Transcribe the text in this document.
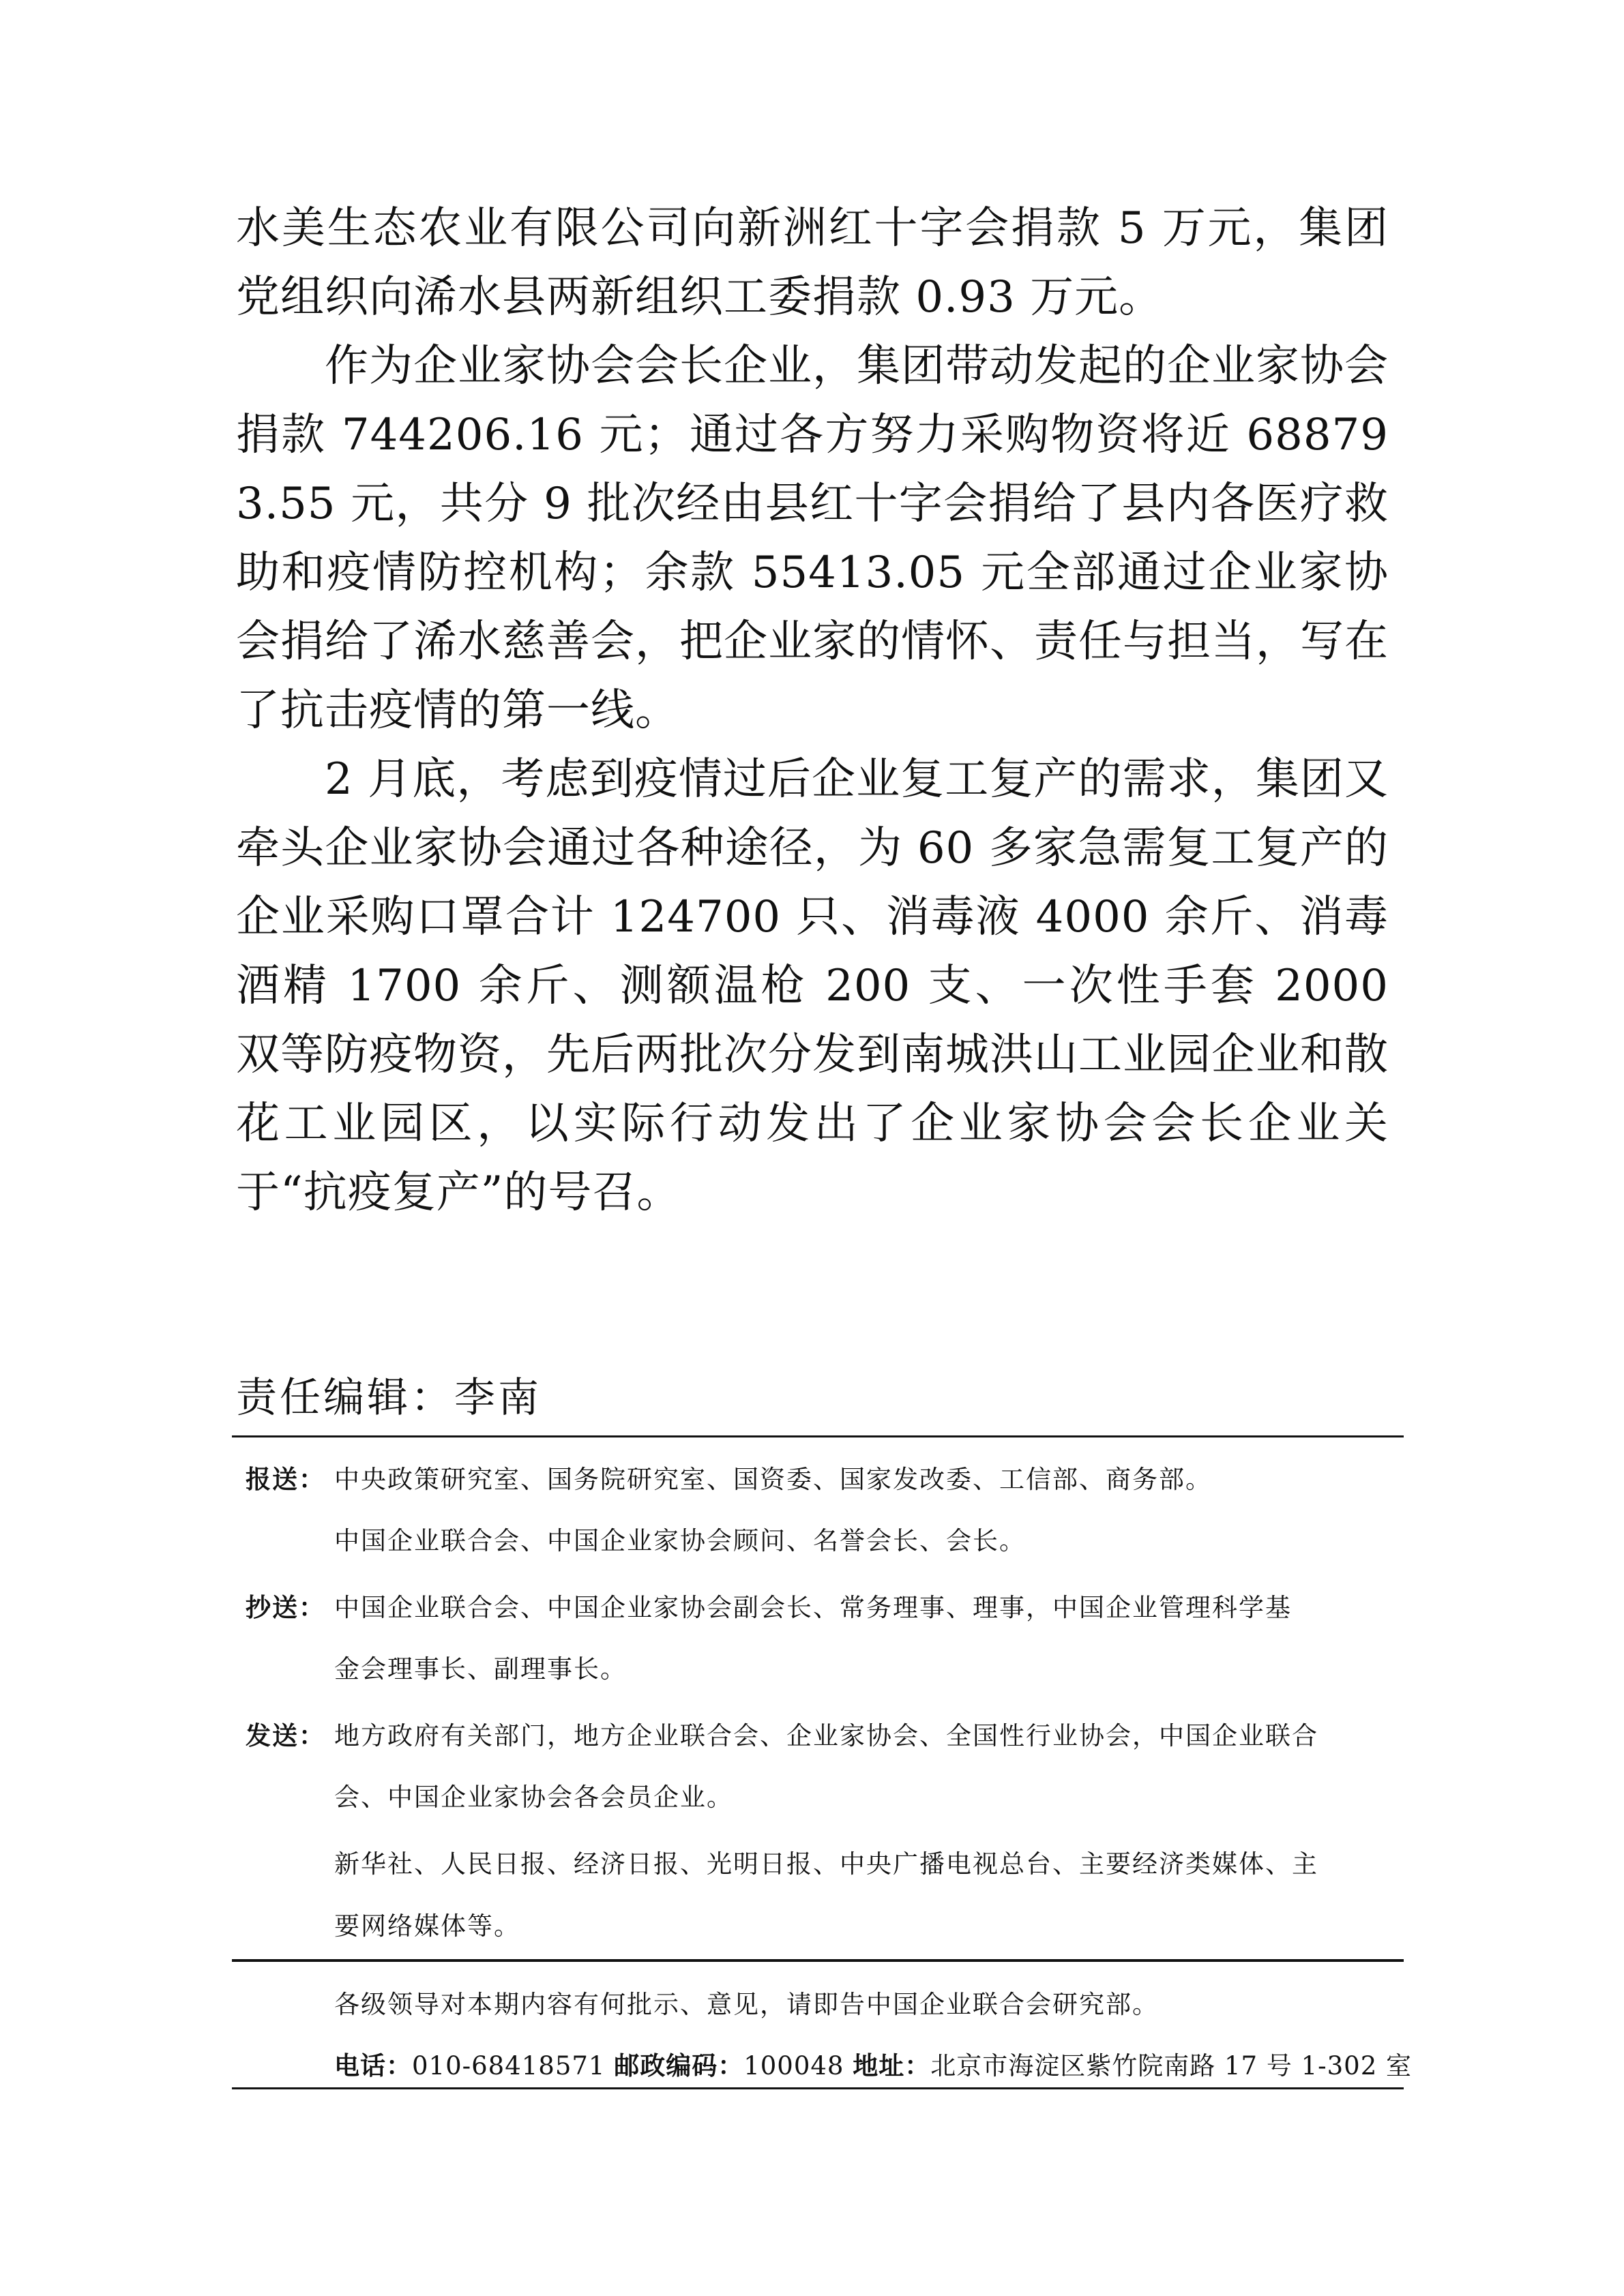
水美生态农业有限公司向新洲红十字会捐款 5 万元，集团党组织向浠水县两新组织工委捐款 0.93 万元。

作为企业家协会会长企业，集团带动发起的企业家协会捐款 744206.16 元；通过各方努力采购物资将近 688793.55 元，共分 9 批次经由县红十字会捐给了县内各医疗救助和疫情防控机构；余款 55413.05 元全部通过企业家协会捐给了浠水慈善会，把企业家的情怀、责任与担当，写在了抗击疫情的第一线。

2 月底，考虑到疫情过后企业复工复产的需求，集团又牵头企业家协会通过各种途径，为 60 多家急需复工复产的企业采购口罩合计 124700 只、消毒液 4000 余斤、消毒酒精 1700 余斤、测额温枪 200 支、一次性手套 2000 双等防疫物资，先后两批次分发到南城洪山工业园企业和散花工业园区，以实际行动发出了企业家协会会长企业关于“抗疫复产”的号召。

责任编辑：李南
报送： 中央政策研究室、国务院研究室、国资委、国家发改委、工信部、商务部。
中国企业联合会、中国企业家协会顾问、名誉会长、会长。
抄送： 中国企业联合会、中国企业家协会副会长、常务理事、理事，中国企业管理科学基
金会理事长、副理事长。
发送： 地方政府有关部门，地方企业联合会、企业家协会、全国性行业协会，中国企业联合
会、中国企业家协会各会员企业。
新华社、人民日报、经济日报、光明日报、中央广播电视总台、主要经济类媒体、主
要网络媒体等。
各级领导对本期内容有何批示、意见，请即告中国企业联合会研究部。
电话：010-68418571 邮政编码：100048 地址：北京市海淀区紫竹院南路 17 号 1-302 室
